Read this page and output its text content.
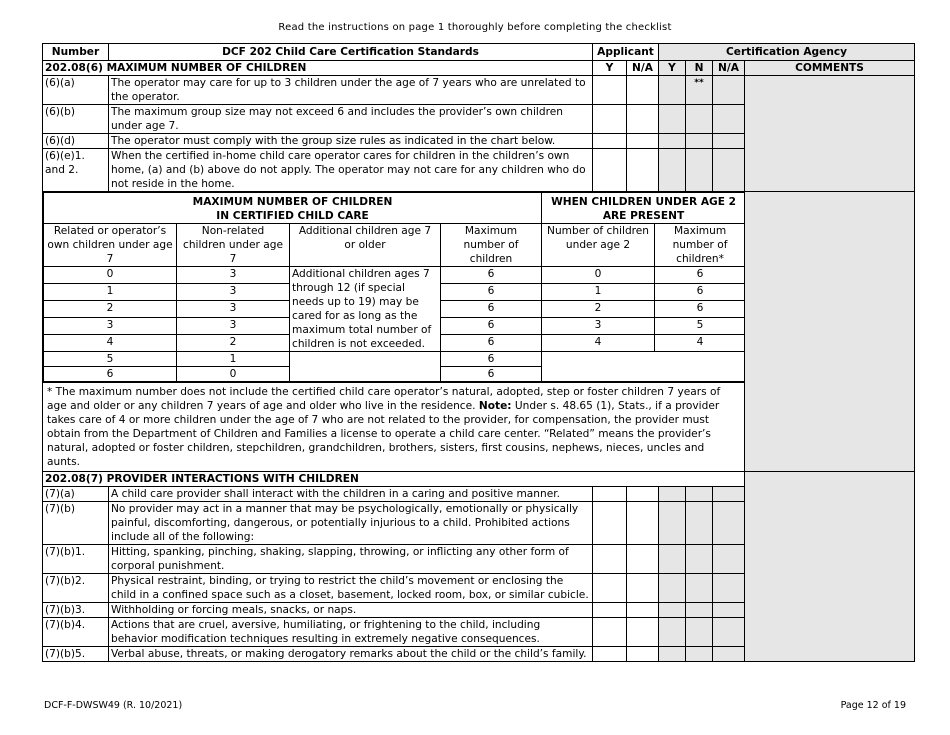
Read the instructions on page 1 thoroughly before completing the checklist
Number	DCF 202 Child Care Certification Standards	Applicant	Certification Agency
202.08(6) MAXIMUM NUMBER OF CHILDREN	Y	N/A	Y	N	N/A	COMMENTS
(6)(a)	The operator may care for up to 3 children under the age of 7 years who are unrelated to the operator.				**		
(6)(b)	The maximum group size may not exceed 6 and includes the provider’s own children under age 7.					
(6)(d)	The operator must comply with the group size rules as indicated in the chart below.					
(6)(e)1. and 2.	When the certified in-home child care operator cares for children in the children’s own home, (a) and (b) above do not apply. The operator may not care for any children who do not reside in the home.					

MAXIMUM NUMBER OF CHILDREN
IN CERTIFIED CHILD CARE

WHEN CHILDREN UNDER AGE 2
ARE PRESENT

Related or operator’s own children under age 7	Non-related children under age 7	Additional children age 7 or older	Maximum number of children	Number of children under age 2	Maximum number of children*
0	3	Additional children ages 7 through 12 (if special needs up to 19) may be cared for as long as the maximum total number of children is not exceeded.	6	0	6
1	3	6	1	6
2	3	6	2	6
3	3	6	3	5
4	2	6	4	4
5	1		6	
6	0		6

* The maximum number does not include the certified child care operator’s natural, adopted, step or foster children 7 years of age and older or any children 7 years of age and older who live in the residence. Note: Under s. 48.65 (1), Stats., if a provider takes care of 4 or more children under the age of 7 who are not related to the provider, for compensation, the provider must obtain from the Department of Children and Families a license to operate a child care center. “Related” means the provider’s natural, adopted or foster children, stepchildren, grandchildren, brothers, sisters, first cousins, nephews, nieces, uncles and aunts.
202.08(7) PROVIDER INTERACTIONS WITH CHILDREN	
(7)(a)	A child care provider shall interact with the children in a caring and positive manner.					
(7)(b)	No provider may act in a manner that may be psychologically, emotionally or physically painful, discomforting, dangerous, or potentially injurious to a child. Prohibited actions include all of the following:					
(7)(b)1.	Hitting, spanking, pinching, shaking, slapping, throwing, or inflicting any other form of corporal punishment.					
(7)(b)2.	Physical restraint, binding, or trying to restrict the child’s movement or enclosing the child in a confined space such as a closet, basement, locked room, box, or similar cubicle.					
(7)(b)3.	Withholding or forcing meals, snacks, or naps.					
(7)(b)4.	Actions that are cruel, aversive, humiliating, or frightening to the child, including behavior modification techniques resulting in extremely negative consequences.					
(7)(b)5.	Verbal abuse, threats, or making derogatory remarks about the child or the child’s family.					
DCF-F-DWSW49 (R. 10/2021)	Page 12 of 19
